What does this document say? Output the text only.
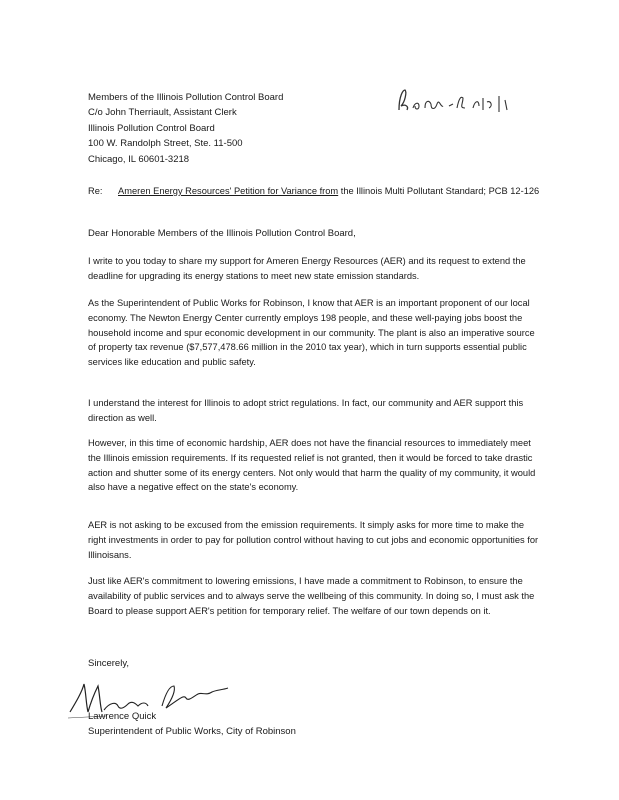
Members of the Illinois Pollution Control Board
C/o John Therriault, Assistant Clerk
Illinois Pollution Control Board
100 W. Randolph Street, Ste. 11-500
Chicago, IL 60601-3218
Re: Ameren Energy Resources' Petition for Variance from the Illinois Multi Pollutant Standard; PCB 12-126
Dear Honorable Members of the Illinois Pollution Control Board,

I write to you today to share my support for Ameren Energy Resources (AER) and its request to extend the deadline for upgrading its energy stations to meet new state emission standards.

As the Superintendent of Public Works for Robinson, I know that AER is an important proponent of our local economy. The Newton Energy Center currently employs 198 people, and these well-paying jobs boost the household income and spur economic development in our community. The plant is also an imperative source of property tax revenue ($7,577,478.66 million in the 2010 tax year), which in turn supports essential public services like education and public safety.

I understand the interest for Illinois to adopt strict regulations. In fact, our community and AER support this direction as well.

However, in this time of economic hardship, AER does not have the financial resources to immediately meet the Illinois emission requirements. If its requested relief is not granted, then it would be forced to take drastic action and shutter some of its energy centers. Not only would that harm the quality of my community, it would also have a negative effect on the state's economy.

AER is not asking to be excused from the emission requirements. It simply asks for more time to make the right investments in order to pay for pollution control without having to cut jobs and economic opportunities for Illinoisans.

Just like AER's commitment to lowering emissions, I have made a commitment to Robinson, to ensure the availability of public services and to always serve the wellbeing of this community. In doing so, I must ask the Board to please support AER's petition for temporary relief. The welfare of our town depends on it.

Sincerely,
Lawrence Quick
Superintendent of Public Works, City of Robinson
